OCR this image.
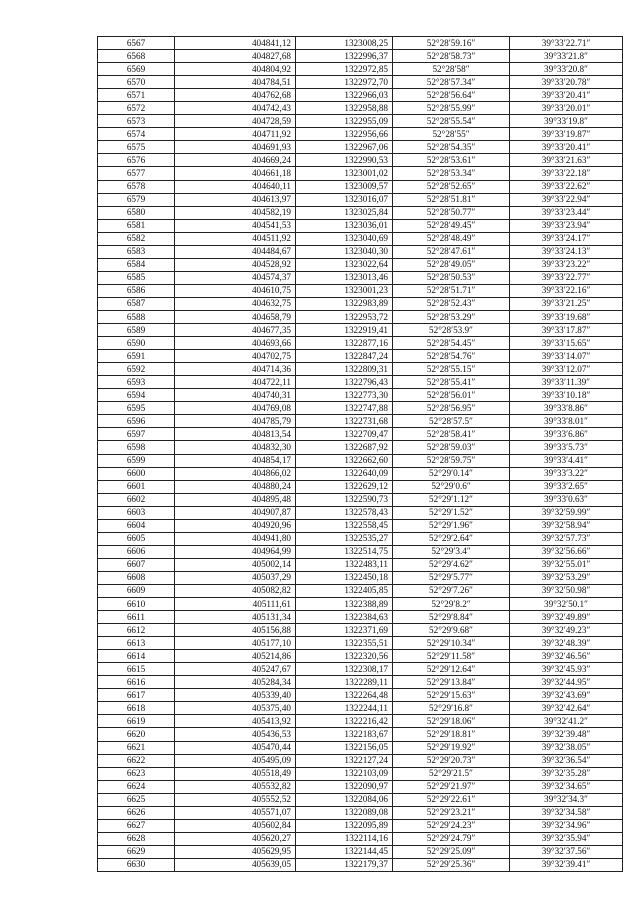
6567	404841,12	1323008,25	52°28′59.16″	39°33′22.71″
6568	404827,68	1322996,37	52°28′58.73″	39°33′21.8″
6569	404804,92	1322972,85	52°28′58″	39°33′20.8″
6570	404784,51	1322972,70	52°28′57.34″	39°33′20.78″
6571	404762,68	1322966,03	52°28′56.64″	39°33′20.41″
6572	404742,43	1322958,88	52°28′55.99″	39°33′20.01″
6573	404728,59	1322955,09	52°28′55.54″	39°33′19.8″
6574	404711,92	1322956,66	52°28′55″	39°33′19.87″
6575	404691,93	1322967,06	52°28′54.35″	39°33′20.41″
6576	404669,24	1322990,53	52°28′53.61″	39°33′21.63″
6577	404661,18	1323001,02	52°28′53.34″	39°33′22.18″
6578	404640,11	1323009,57	52°28′52.65″	39°33′22.62″
6579	404613,97	1323016,07	52°28′51.81″	39°33′22.94″
6580	404582,19	1323025,84	52°28′50.77″	39°33′23.44″
6581	404541,53	1323036,01	52°28′49.45″	39°33′23.94″
6582	404511,92	1323040,69	52°28′48.49″	39°33′24.17″
6583	404484,67	1323040,30	52°28′47.61″	39°33′24.13″
6584	404528,92	1323022,64	52°28′49.05″	39°33′23.22″
6585	404574,37	1323013,46	52°28′50.53″	39°33′22.77″
6586	404610,75	1323001,23	52°28′51.71″	39°33′22.16″
6587	404632,75	1322983,89	52°28′52.43″	39°33′21.25″
6588	404658,79	1322953,72	52°28′53.29″	39°33′19.68″
6589	404677,35	1322919,41	52°28′53.9″	39°33′17.87″
6590	404693,66	1322877,16	52°28′54.45″	39°33′15.65″
6591	404702,75	1322847,24	52°28′54.76″	39°33′14.07″
6592	404714,36	1322809,31	52°28′55.15″	39°33′12.07″
6593	404722,11	1322796,43	52°28′55.41″	39°33′11.39″
6594	404740,31	1322773,30	52°28′56.01″	39°33′10.18″
6595	404769,08	1322747,88	52°28′56.95″	39°33′8.86″
6596	404785,79	1322731,68	52°28′57.5″	39°33′8.01″
6597	404813,54	1322709,47	52°28′58.41″	39°33′6.86″
6598	404832,30	1322687,92	52°28′59.03″	39°33′5.73″
6599	404854,17	1322662,60	52°28′59.75″	39°33′4.41″
6600	404866,02	1322640,09	52°29′0.14″	39°33′3.22″
6601	404880,24	1322629,12	52°29′0.6″	39°33′2.65″
6602	404895,48	1322590,73	52°29′1.12″	39°33′0.63″
6603	404907,87	1322578,43	52°29′1.52″	39°32′59.99″
6604	404920,96	1322558,45	52°29′1.96″	39°32′58.94″
6605	404941,80	1322535,27	52°29′2.64″	39°32′57.73″
6606	404964,99	1322514,75	52°29′3.4″	39°32′56.66″
6607	405002,14	1322483,11	52°29′4.62″	39°32′55.01″
6608	405037,29	1322450,18	52°29′5.77″	39°32′53.29″
6609	405082,82	1322405,85	52°29′7.26″	39°32′50.98″
6610	405111,61	1322388,89	52°29′8.2″	39°32′50.1″
6611	405131,34	1322384,63	52°29′8.84″	39°32′49.89″
6612	405156,88	1322371,69	52°29′9.68″	39°32′49.23″
6613	405177,10	1322355,51	52°29′10.34″	39°32′48.39″
6614	405214,86	1322320,56	52°29′11.58″	39°32′46.56″
6615	405247,67	1322308,17	52°29′12.64″	39°32′45.93″
6616	405284,34	1322289,11	52°29′13.84″	39°32′44.95″
6617	405339,40	1322264,48	52°29′15.63″	39°32′43.69″
6618	405375,40	1322244,11	52°29′16.8″	39°32′42.64″
6619	405413,92	1322216,42	52°29′18.06″	39°32′41.2″
6620	405436,53	1322183,67	52°29′18.81″	39°32′39.48″
6621	405470,44	1322156,05	52°29′19.92″	39°32′38.05″
6622	405495,09	1322127,24	52°29′20.73″	39°32′36.54″
6623	405518,49	1322103,09	52°29′21.5″	39°32′35.28″
6624	405532,82	1322090,97	52°29′21.97″	39°32′34.65″
6625	405552,52	1322084,06	52°29′22.61″	39°32′34.3″
6626	405571,07	1322089,08	52°29′23.21″	39°32′34.58″
6627	405602,84	1322095,89	52°29′24.23″	39°32′34.96″
6628	405620,27	1322114,16	52°29′24.79″	39°32′35.94″
6629	405629,95	1322144,45	52°29′25.09″	39°32′37.56″
6630	405639,05	1322179,37	52°29′25.36″	39°32′39.41″
